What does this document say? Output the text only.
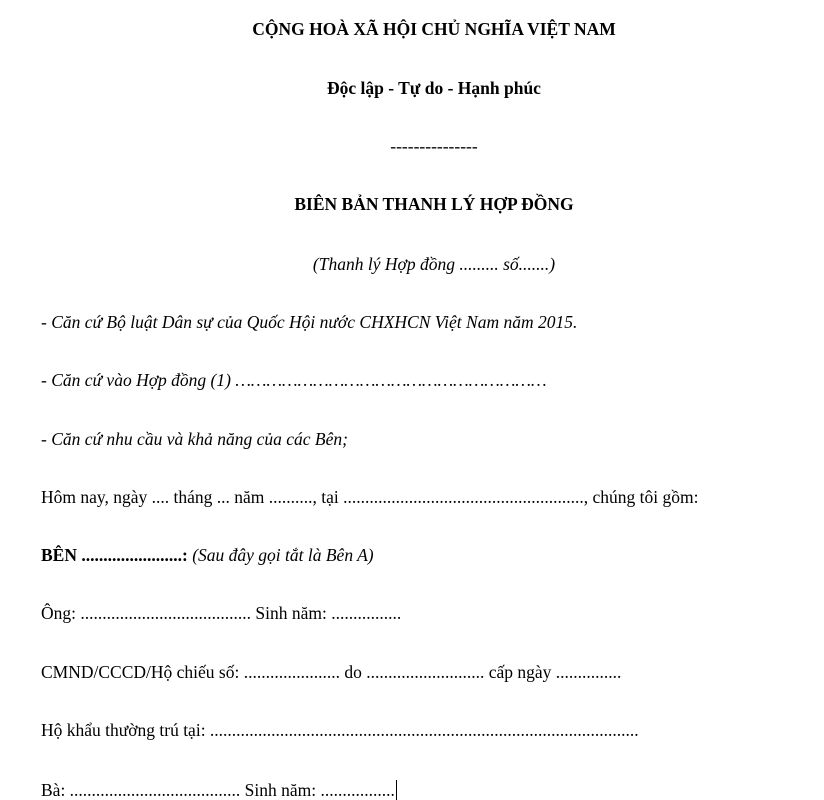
CỘNG HOÀ XÃ HỘI CHỦ NGHĨA VIỆT NAM
Độc lập - Tự do - Hạnh phúc
---------------
BIÊN BẢN THANH LÝ HỢP ĐỒNG
(Thanh lý Hợp đồng ......... số.......)
- Căn cứ Bộ luật Dân sự của Quốc Hội nước CHXHCN Việt Nam năm 2015.
- Căn cứ vào Hợp đồng (1) ……………………………………………………
- Căn cứ nhu cầu và khả năng của các Bên;
Hôm nay, ngày .... tháng ... năm .........., tại ......................................................., chúng tôi gồm:
BÊN .......................: (Sau đây gọi tắt là Bên A)
Ông: ....................................... Sinh năm: ................
CMND/CCCD/Hộ chiếu số: ...................... do ........................... cấp ngày ...............
Hộ khẩu thường trú tại: ..................................................................................................
Bà: ....................................... Sinh năm: .................
